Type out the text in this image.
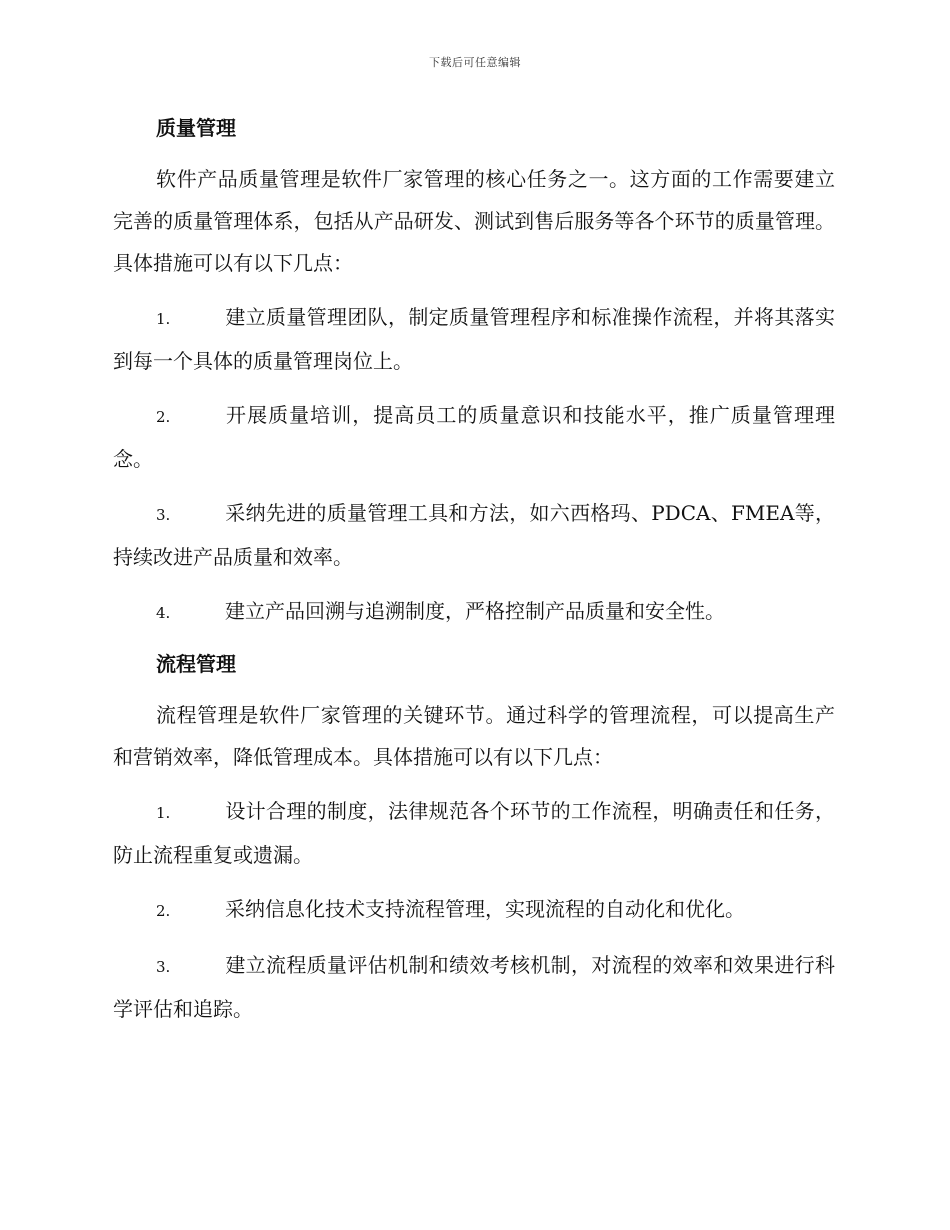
下载后可任意编辑
质量管理

软件产品质量管理是软件厂家管理的核心任务之一。这方面的工作需要建立完善的质量管理体系，包括从产品研发、测试到售后服务等各个环节的质量管理。具体措施可以有以下几点：

1.	建立质量管理团队，制定质量管理程序和标准操作流程，并将其落实到每一个具体的质量管理岗位上。

2.	开展质量培训，提高员工的质量意识和技能水平，推广质量管理理念。

3.	采纳先进的质量管理工具和方法，如六西格玛、PDCA、FMEA等，持续改进产品质量和效率。

4.	建立产品回溯与追溯制度，严格控制产品质量和安全性。

流程管理

流程管理是软件厂家管理的关键环节。通过科学的管理流程，可以提高生产和营销效率，降低管理成本。具体措施可以有以下几点：

1.	设计合理的制度，法律规范各个环节的工作流程，明确责任和任务，防止流程重复或遗漏。

2.	采纳信息化技术支持流程管理，实现流程的自动化和优化。

3.	建立流程质量评估机制和绩效考核机制，对流程的效率和效果进行科学评估和追踪。
